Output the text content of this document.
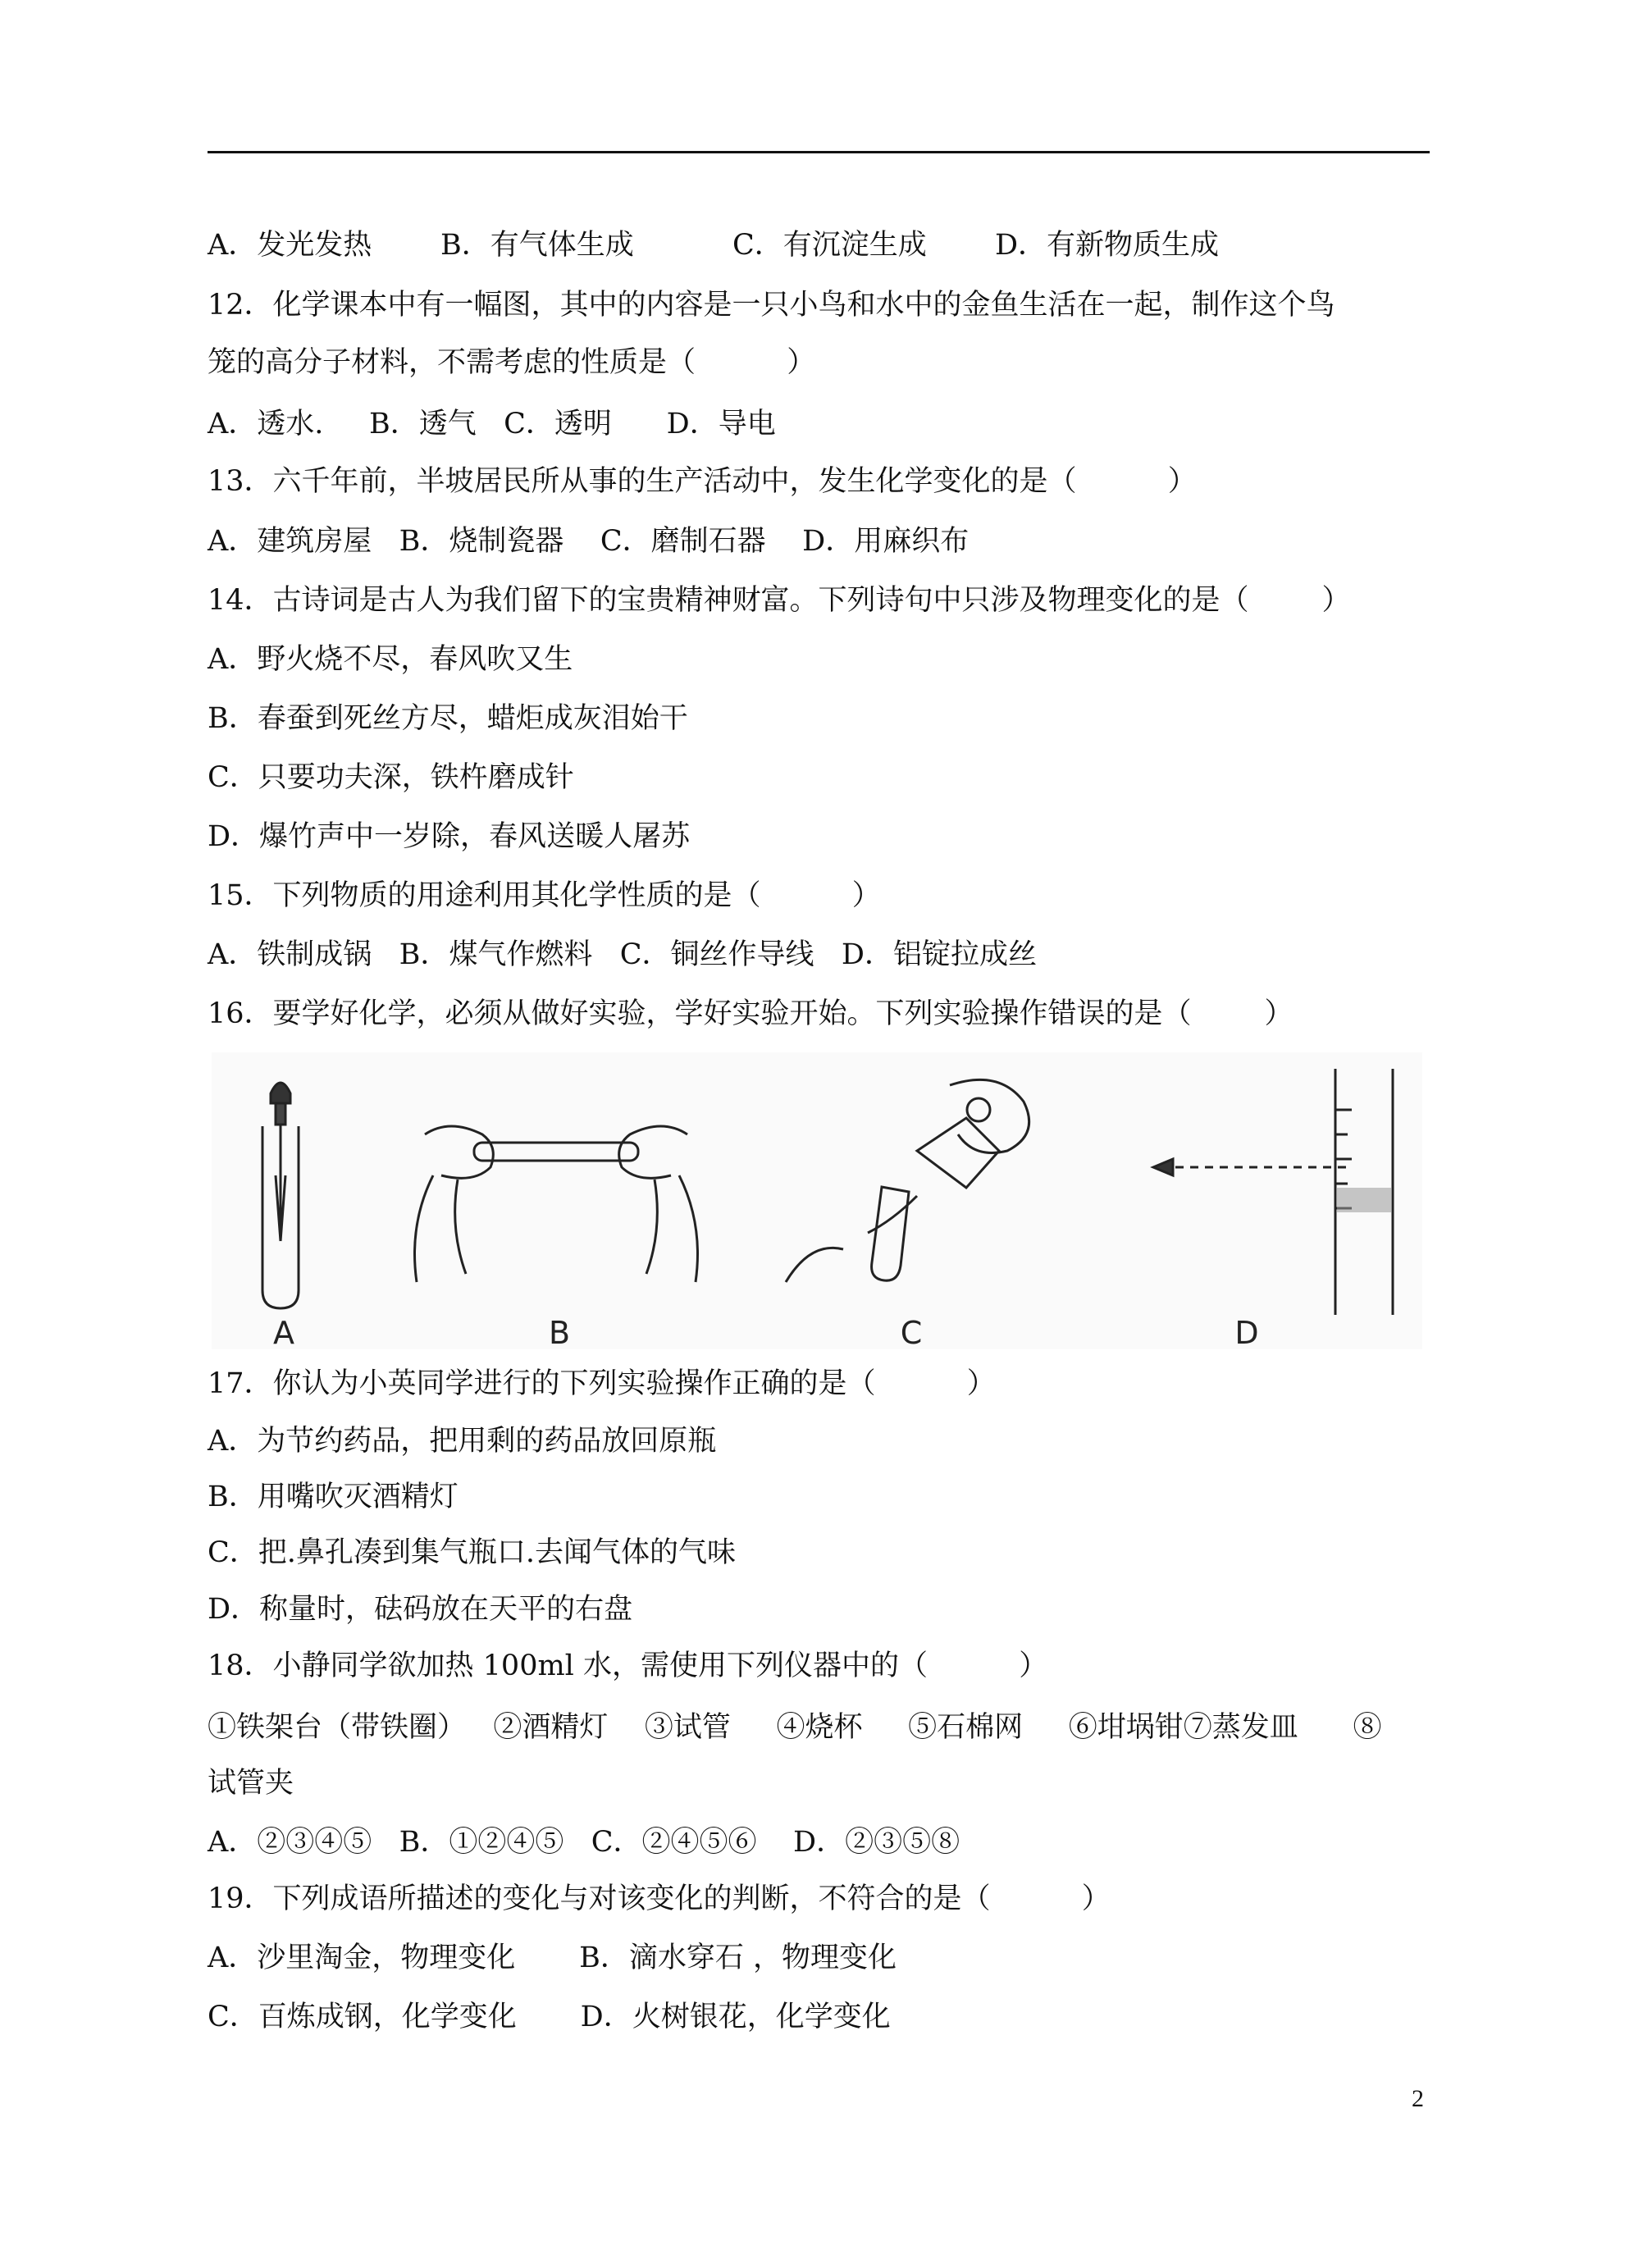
A．发光发热 B．有气体生成	C．有沉淀生成 D．有新物质生成
12．化学课本中有一幅图，其中的内容是一只小鸟和水中的金鱼生活在一起，制作这个鸟
笼的高分子材料，不需考虑的性质是（          ）
A．透水.     B．透气   C．透明      D．导电
13．六千年前，半坡居民所从事的生产活动中，发生化学变化的是（          ）
A．建筑房屋   B．烧制瓷器    C．磨制石器    D．用麻织布
14．古诗词是古人为我们留下的宝贵精神财富。下列诗句中只涉及物理变化的是（        ）
A．野火烧不尽，春风吹又生
B．春蚕到死丝方尽，蜡炬成灰泪始干
C．只要功夫深，铁杵磨成针
D．爆竹声中一岁除，春风送暖人屠苏
15．下列物质的用途利用其化学性质的是（          ）
A．铁制成锅   B．煤气作燃料   C．铜丝作导线   D．铝锭拉成丝
16．要学好化学，必须从做好实验，学好实验开始。下列实验操作错误的是（        ）
A	B	C	D
17．你认为小英同学进行的下列实验操作正确的是（          ）
A．为节约药品，把用剩的药品放回原瓶
B．用嘴吹灭酒精灯
C．把.鼻孔凑到集气瓶口.去闻气体的气味
D．称量时，砝码放在天平的右盘
18．小静同学欲加热 100ml 水，需使用下列仪器中的（          ）
①铁架台（带铁圈）   ②酒精灯    ③试管     ④烧杯     ⑤石棉网     ⑥坩埚钳⑦蒸发皿      ⑧
试管夹
A．②③④⑤   B．①②④⑤   C．②④⑤⑥    D．②③⑤⑧
19．下列成语所描述的变化与对该变化的判断，不符合的是（          ）
A．沙里淘金，物理变化       B．滴水穿石 ，物理变化
C．百炼成钢，化学变化       D．火树银花，化学变化
2
